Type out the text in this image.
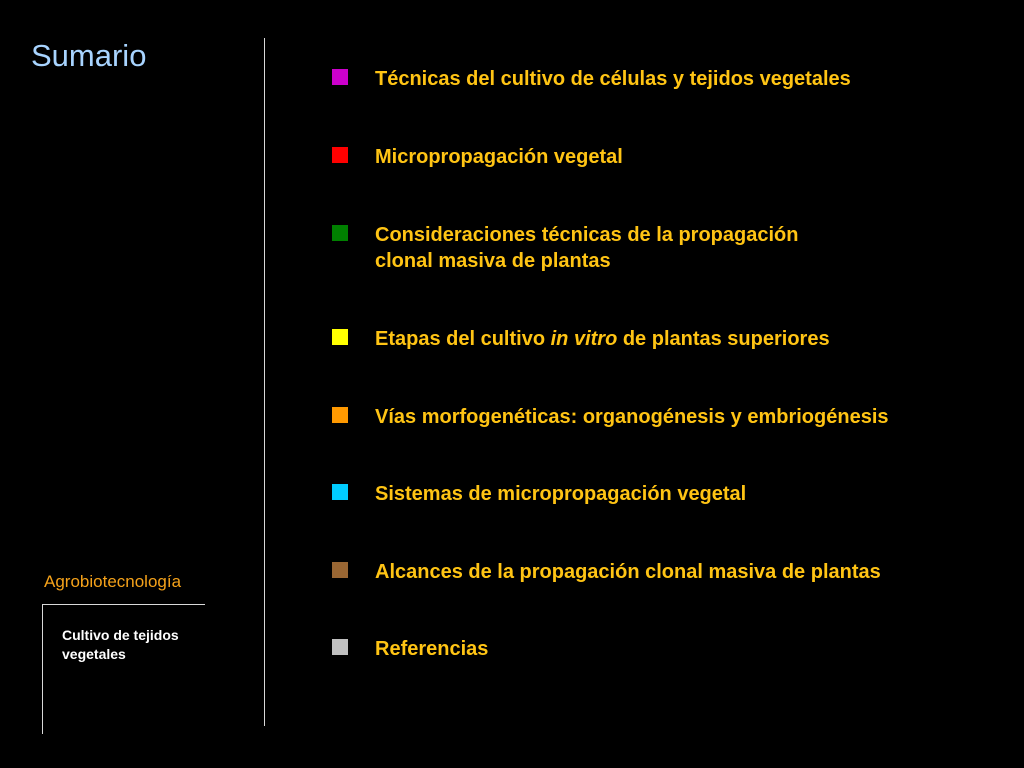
Sumario
Agrobiotecnología
Cultivo de tejidos vegetales
Técnicas del cultivo de células y tejidos vegetales
Micropropagación vegetal
Consideraciones técnicas de la propagación
clonal masiva de plantas
Etapas del cultivo in vitro de plantas superiores
Vías morfogenéticas: organogénesis y embriogénesis
Sistemas de micropropagación vegetal
Alcances de la propagación clonal masiva de plantas
Referencias
